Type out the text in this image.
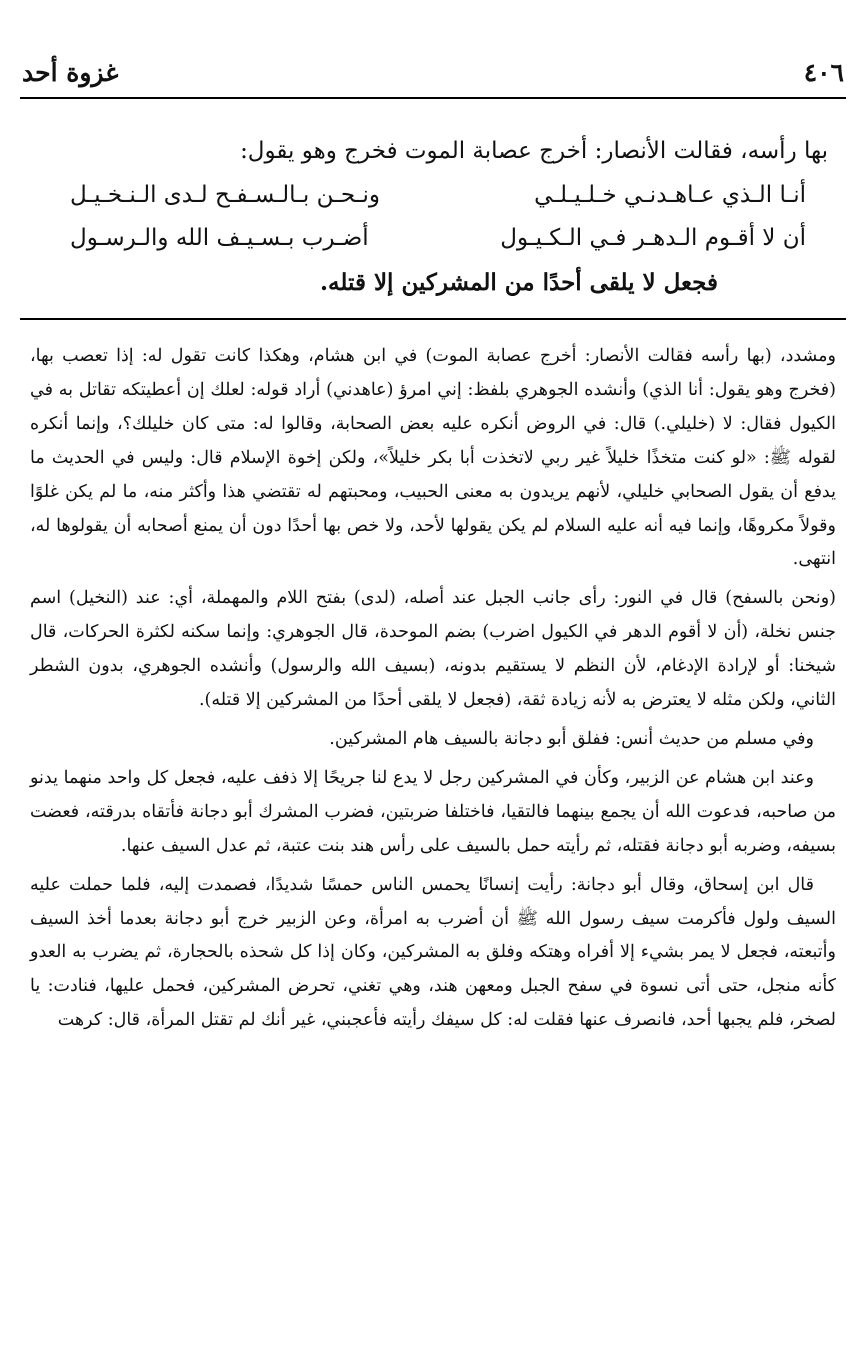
٤٠٦
غزوة أحد

بها رأسه، فقالت الأنصار: أخرج عصابة الموت فخرج وهو يقول:

أنـا الـذي عـاهـدنـي خـلـيـلـي
ونـحـن بـالـسـفـح لـدى الـنـخـيـل
أن لا أقـوم الـدهـر فـي الـكـيـول
أضـرب بـسـيـف الله والـرسـول

فجعل لا يلقى أحدًا من المشركين إلا قتله.

ومشدد، (بها رأسه فقالت الأنصار: أخرج عصابة الموت) في ابن هشام، وهكذا كانت تقول له: إذا تعصب بها، (فخرج وهو يقول: أنا الذي) وأنشده الجوهري بلفظ: إني امرؤ (عاهدني) أراد قوله: لعلك إن أعطيتكه تقاتل به في الكيول فقال: لا (خليلي.) قال: في الروض أنكره عليه بعض الصحابة، وقالوا له: متى كان خليلك؟، وإنما أنكره لقوله ﷺ: «لو كنت متخذًا خليلاً غير ربي لاتخذت أبا بكر خليلاً»، ولكن إخوة الإسلام قال: وليس في الحديث ما يدفع أن يقول الصحابي خليلي، لأنهم يريدون به معنى الحبيب، ومحبتهم له تقتضي هذا وأكثر منه، ما لم يكن غلوًا وقولاً مكروهًا، وإنما فيه أنه عليه السلام لم يكن يقولها لأحد، ولا خص بها أحدًا دون أن يمنع أصحابه أن يقولوها له، انتهى.

(ونحن بالسفح) قال في النور: رأى جانب الجبل عند أصله، (لدى) بفتح اللام والمهملة، أي: عند (النخيل) اسم جنس نخلة، (أن لا أقوم الدهر في الكيول اضرب) بضم الموحدة، قال الجوهري: وإنما سكنه لكثرة الحركات، قال شيخنا: أو لإرادة الإدغام، لأن النظم لا يستقيم بدونه، (بسيف الله والرسول) وأنشده الجوهري، بدون الشطر الثاني، ولكن مثله لا يعترض به لأنه زيادة ثقة، (فجعل لا يلقى أحدًا من المشركين إلا قتله).

وفي مسلم من حديث أنس: ففلق أبو دجانة بالسيف هام المشركين.

وعند ابن هشام عن الزبير، وكأن في المشركين رجل لا يدع لنا جريحًا إلا ذفف عليه، فجعل كل واحد منهما يدنو من صاحبه، فدعوت الله أن يجمع بينهما فالتقيا، فاختلفا ضربتين، فضرب المشرك أبو دجانة فأتقاه بدرقته، فعضت بسيفه، وضربه أبو دجانة فقتله، ثم رأيته حمل بالسيف على رأس هند بنت عتبة، ثم عدل السيف عنها.

قال ابن إسحاق، وقال أبو دجانة: رأيت إنسانًا يحمس الناس حمسًا شديدًا، فصمدت إليه، فلما حملت عليه السيف ولول فأكرمت سيف رسول الله ﷺ أن أضرب به امرأة، وعن الزبير خرج أبو دجانة بعدما أخذ السيف وأتبعته، فجعل لا يمر بشيء إلا أفراه وهتكه وفلق به المشركين، وكان إذا كل شحذه بالحجارة، ثم يضرب به العدو كأنه منجل، حتى أتى نسوة في سفح الجبل ومعهن هند، وهي تغني، تحرض المشركين، فحمل عليها، فنادت: يا لصخر، فلم يجبها أحد، فانصرف عنها فقلت له: كل سيفك رأيته فأعجبني، غير أنك لم تقتل المرأة، قال: كرهت
